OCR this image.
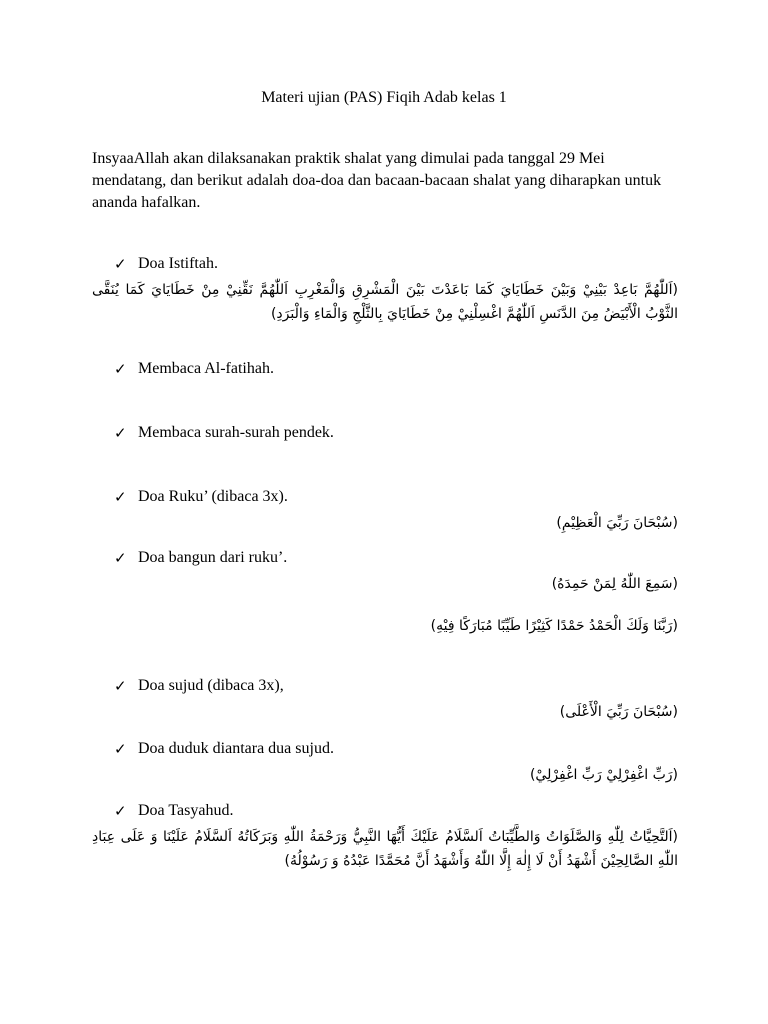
Materi ujian (PAS) Fiqih Adab kelas 1
InsyaaAllah akan dilaksanakan praktik shalat yang dimulai pada tanggal 29 Mei mendatang, dan berikut adalah doa-doa dan bacaan-bacaan shalat yang diharapkan untuk ananda hafalkan.
✓ Doa Istiftah.
(اَللّٰهُمَّ بَاعِدْ بَيْنِيْ وَبَيْنَ خَطَايَايَ كَمَا بَاعَدْتَ بَيْنَ الْمَشْرِقِ وَالْمَغْرِبِ اَللّٰهُمَّ نَقِّنِيْ مِنْ خَطَايَايَ كَمَا يُنَقَّى الثَّوْبُ الْأَبْيَضُ مِنَ الدَّنَسِ اَللّٰهُمَّ اغْسِلْنِيْ مِنْ خَطَايَايَ بِالثَّلْجِ وَالْمَاءِ وَالْبَرَدِ)
✓ Membaca Al-fatihah.
✓ Membaca surah-surah pendek.
✓ Doa Ruku’ (dibaca 3x).
(سُبْحَانَ رَبِّيَ الْعَظِيْمِ)
✓ Doa bangun dari ruku’.
(سَمِعَ اللّٰهُ لِمَنْ حَمِدَهُ)
(رَبَّنَا وَلَكَ الْحَمْدُ حَمْدًا كَثِيْرًا طَيِّبًا مُبَارَكًا فِيْهِ)
✓ Doa sujud (dibaca 3x),
(سُبْحَانَ رَبِّيَ الْأَعْلَى)
✓ Doa duduk diantara dua sujud.
(رَبِّ اغْفِرْلِيْ رَبِّ اغْفِرْلِيْ)
✓ Doa Tasyahud.
(اَلتَّحِيَّاتُ لِلّٰهِ وَالصَّلَوَاتُ وَالطَّيِّبَاتُ اَلسَّلَامُ عَلَيْكَ أَيُّهَا النَّبِيُّ وَرَحْمَةُ اللّٰهِ وَبَرَكَاتُهُ اَلسَّلَامُ عَلَيْنَا وَ عَلَى عِبَادِ اللّٰهِ الصَّالِحِيْنَ أَشْهَدُ أَنْ لَا إِلٰهَ إِلَّا اللّٰهُ وَأَشْهَدُ أَنَّ مُحَمَّدًا عَبْدُهُ وَ رَسُوْلُهُ)
